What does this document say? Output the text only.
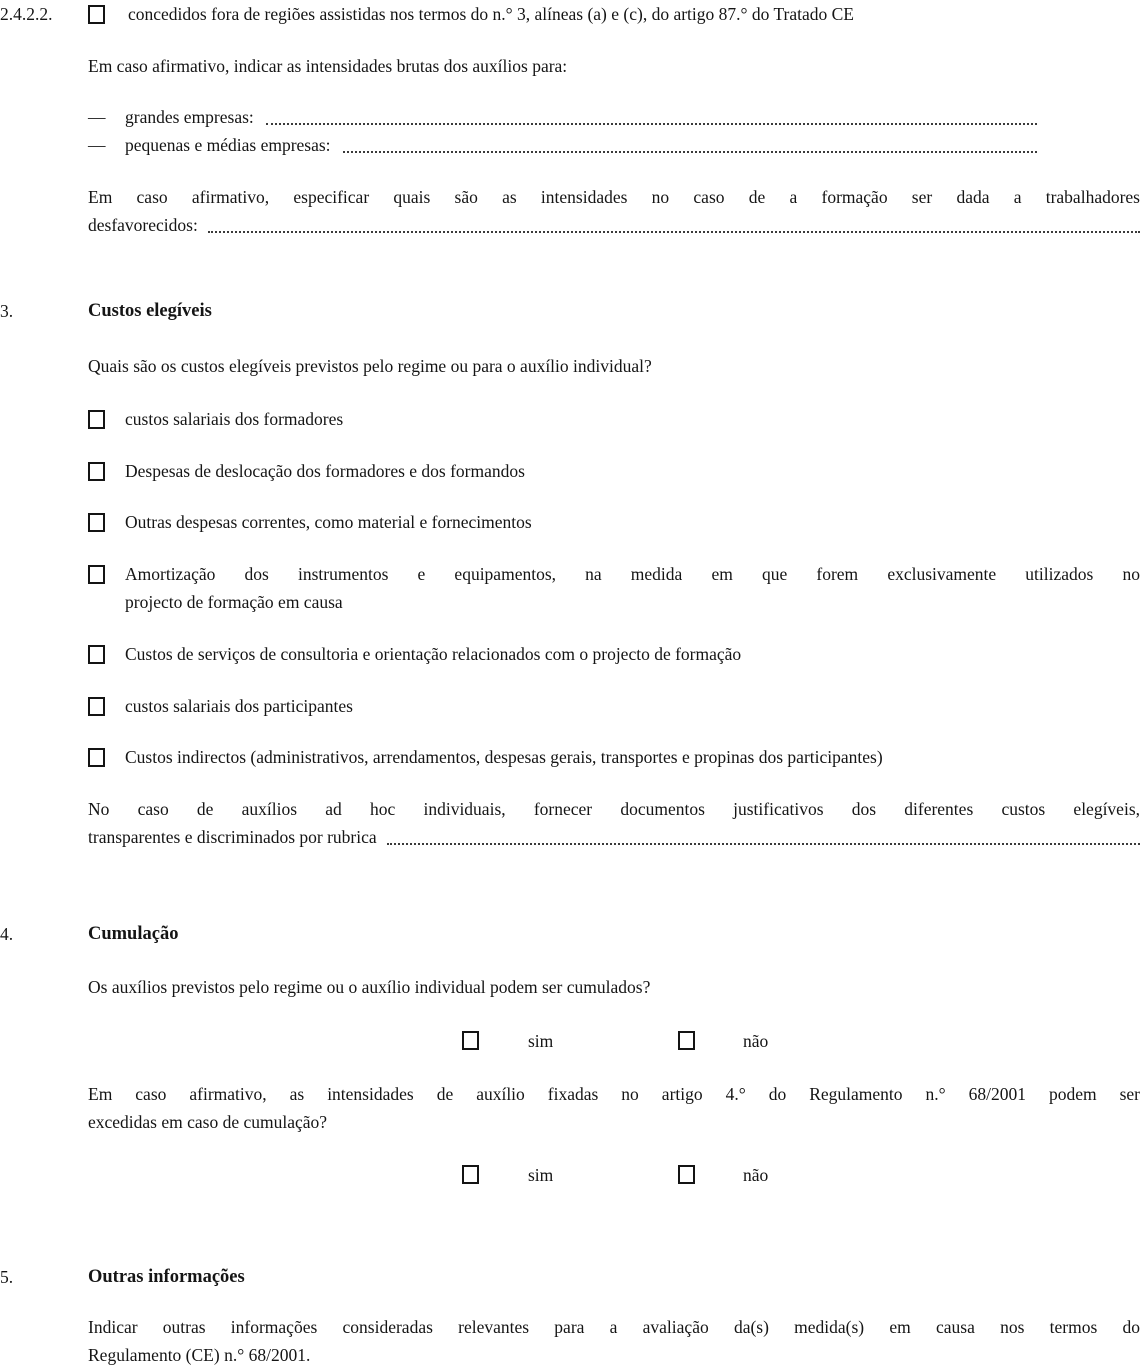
2.4.2.2.	concedidos fora de regiões assistidas nos termos do n.° 3, alíneas (a) e (c), do artigo 87.° do Tratado CE
Em caso afirmativo, indicar as intensidades brutas dos auxílios para:
—	grandes empresas:
—	pequenas e médias empresas:
Em caso afirmativo, especificar quais são as intensidades no caso de a formação ser dada a trabalhadores
desfavorecidos:
3.	Custos elegíveis
Quais são os custos elegíveis previstos pelo regime ou para o auxílio individual?
custos salariais dos formadores
Despesas de deslocação dos formadores e dos formandos
Outras despesas correntes, como material e fornecimentos
Amortização dos instrumentos e equipamentos, na medida em que forem exclusivamente utilizados no
projecto de formação em causa
Custos de serviços de consultoria e orientação relacionados com o projecto de formação
custos salariais dos participantes
Custos indirectos (administrativos, arrendamentos, despesas gerais, transportes e propinas dos participantes)
No caso de auxílios ad hoc individuais, fornecer documentos justificativos dos diferentes custos elegíveis,
transparentes e discriminados por rubrica
4.	Cumulação
Os auxílios previstos pelo regime ou o auxílio individual podem ser cumulados?
sim	não
Em caso afirmativo, as intensidades de auxílio fixadas no artigo 4.° do Regulamento n.° 68/2001 podem ser
excedidas em caso de cumulação?
sim	não
5.	Outras informações
Indicar outras informações consideradas relevantes para a avaliação da(s) medida(s) em causa nos termos do
Regulamento (CE) n.° 68/2001.
